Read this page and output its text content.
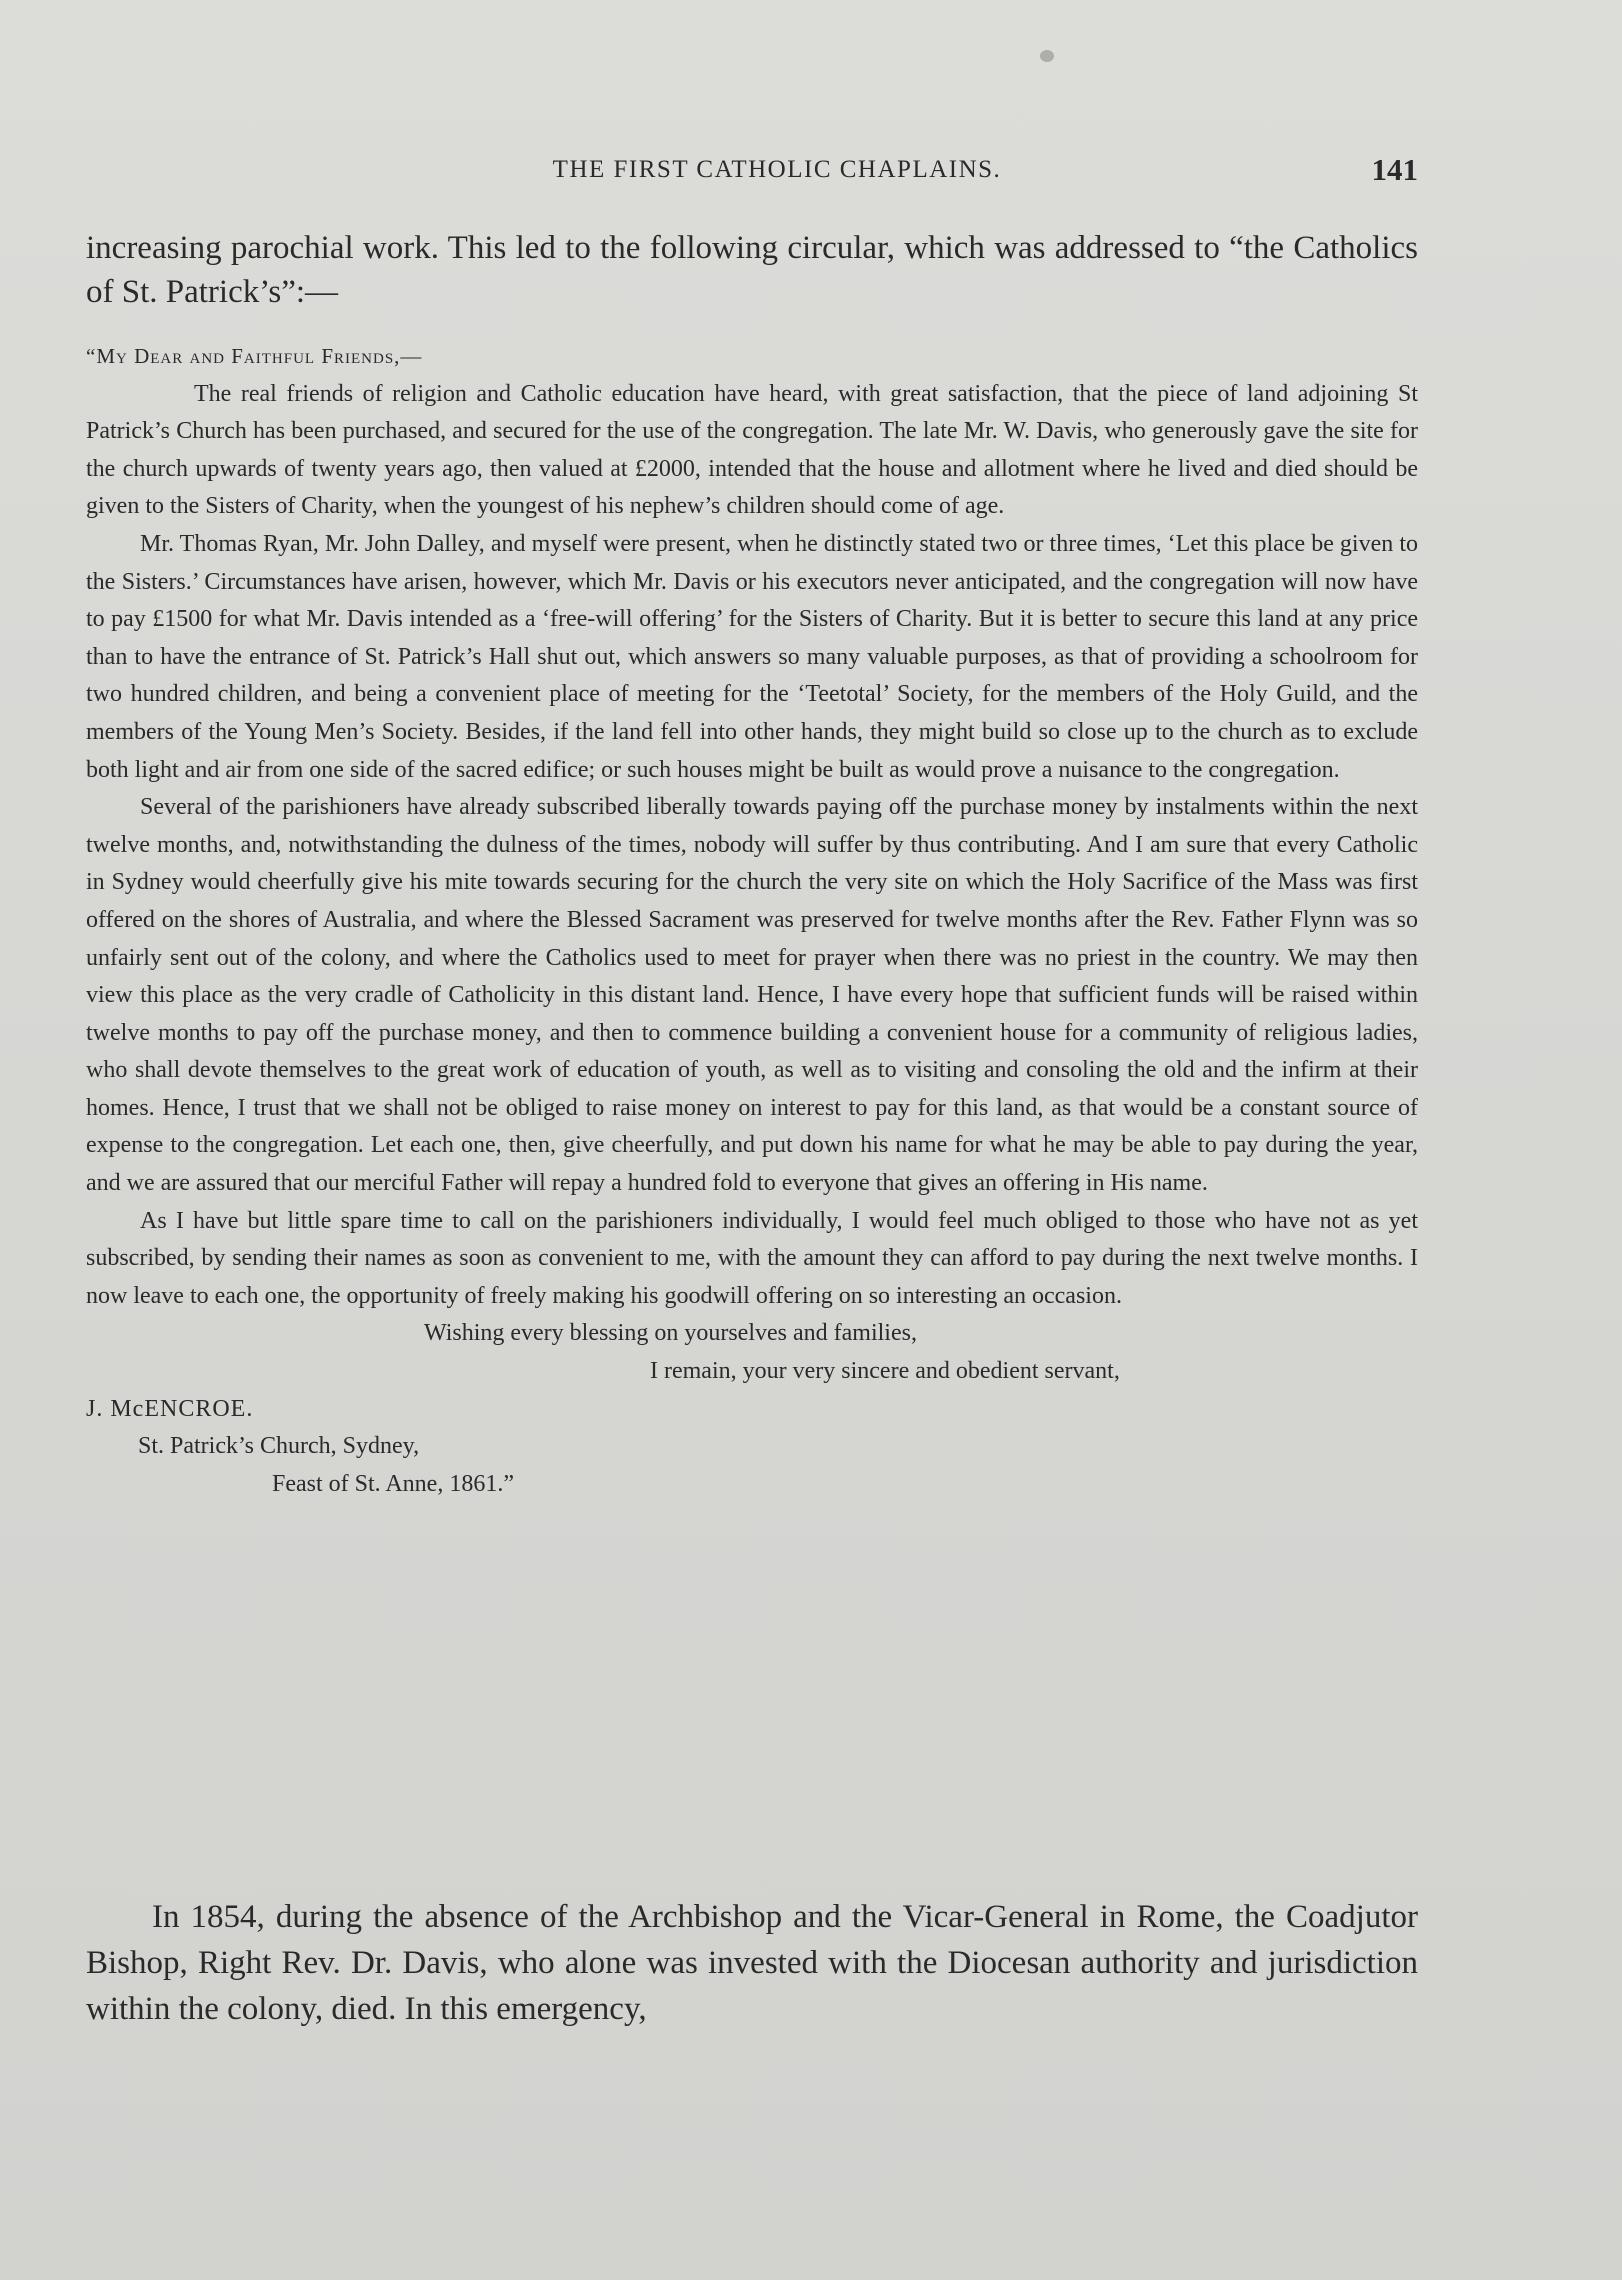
THE FIRST CATHOLIC CHAPLAINS.	141
increasing parochial work. This led to the following circular, which was addressed to “the Catholics of St. Patrick’s”:—

“My Dear and Faithful Friends,—

The real friends of religion and Catholic education have heard, with great satisfaction, that the piece of land adjoining St Patrick’s Church has been purchased, and secured for the use of the congregation. The late Mr. W. Davis, who generously gave the site for the church upwards of twenty years ago, then valued at £2000, intended that the house and allotment where he lived and died should be given to the Sisters of Charity, when the youngest of his nephew’s children should come of age.

Mr. Thomas Ryan, Mr. John Dalley, and myself were present, when he distinctly stated two or three times, ‘Let this place be given to the Sisters.’ Circumstances have arisen, however, which Mr. Davis or his executors never anticipated, and the congregation will now have to pay £1500 for what Mr. Davis intended as a ‘free-will offering’ for the Sisters of Charity. But it is better to secure this land at any price than to have the entrance of St. Patrick’s Hall shut out, which answers so many valuable purposes, as that of providing a schoolroom for two hundred children, and being a convenient place of meeting for the ‘Teetotal’ Society, for the members of the Holy Guild, and the members of the Young Men’s Society. Besides, if the land fell into other hands, they might build so close up to the church as to exclude both light and air from one side of the sacred edifice; or such houses might be built as would prove a nuisance to the congregation.

Several of the parishioners have already subscribed liberally towards paying off the purchase money by instalments within the next twelve months, and, notwithstanding the dulness of the times, nobody will suffer by thus contributing. And I am sure that every Catholic in Sydney would cheerfully give his mite towards securing for the church the very site on which the Holy Sacrifice of the Mass was first offered on the shores of Australia, and where the Blessed Sacrament was preserved for twelve months after the Rev. Father Flynn was so unfairly sent out of the colony, and where the Catholics used to meet for prayer when there was no priest in the country. We may then view this place as the very cradle of Catholicity in this distant land. Hence, I have every hope that sufficient funds will be raised within twelve months to pay off the purchase money, and then to commence building a convenient house for a community of religious ladies, who shall devote themselves to the great work of education of youth, as well as to visiting and consoling the old and the infirm at their homes. Hence, I trust that we shall not be obliged to raise money on interest to pay for this land, as that would be a constant source of expense to the congregation. Let each one, then, give cheerfully, and put down his name for what he may be able to pay during the year, and we are assured that our merciful Father will repay a hundred fold to everyone that gives an offering in His name.

As I have but little spare time to call on the parishioners individually, I would feel much obliged to those who have not as yet subscribed, by sending their names as soon as convenient to me, with the amount they can afford to pay during the next twelve months. I now leave to each one, the opportunity of freely making his goodwill offering on so interesting an occasion.

Wishing every blessing on yourselves and families,

I remain, your very sincere and obedient servant,

J. McENCROE.

St. Patrick’s Church, Sydney,

Feast of St. Anne, 1861.”

In 1854, during the absence of the Archbishop and the Vicar-General in Rome, the Coadjutor Bishop, Right Rev. Dr. Davis, who alone was invested with the Diocesan authority and jurisdiction within the colony, died. In this emergency,
